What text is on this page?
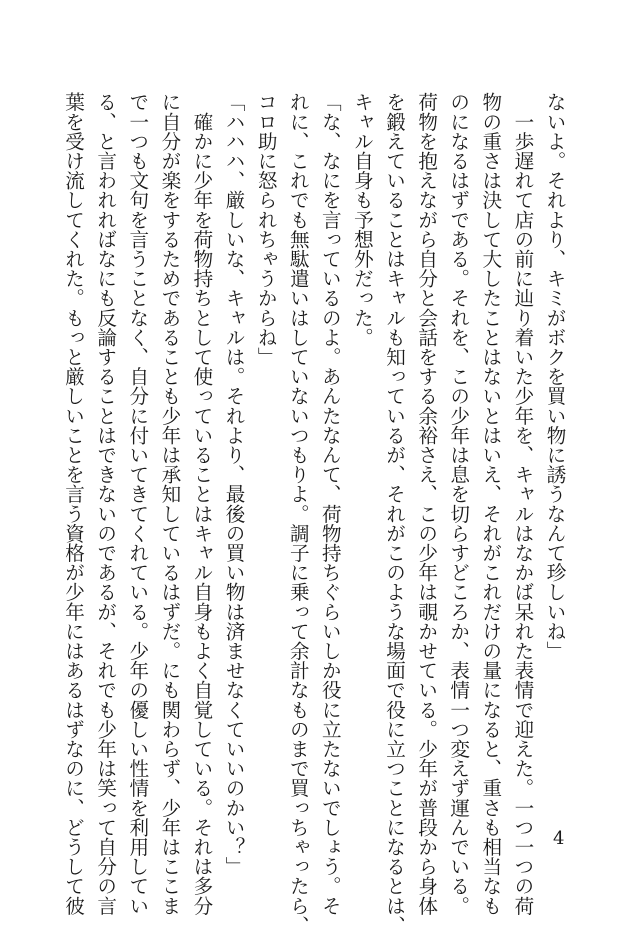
ないよ。それより、キミがボクを買い物に誘うなんて珍しいね」

　一歩遅れて店の前に辿り着いた少年を、キャルはなかば呆れた表情で迎えた。一つ一つの荷

物の重さは決して大したことはないとはいえ、それがこれだけの量になると、重さも相当なも

のになるはずである。それを、この少年は息を切らすどころか、表情一つ変えず運んでいる。

荷物を抱えながら自分と会話をする余裕さえ、この少年は覗かせている。少年が普段から身体

を鍛えていることはキャルも知っているが、それがこのような場面で役に立つことになるとは、

キャル自身も予想外だった。

「な、なにを言っているのよ。あんたなんて、荷物持ちぐらいしか役に立たないでしょう。そ

れに、これでも無駄遣いはしていないつもりよ。調子に乗って余計なものまで買っちゃったら、

コロ助に怒られちゃうからね」

「ハハハ、厳しいな、キャルは。それより、最後の買い物は済ませなくていいのかい？」

　確かに少年を荷物持ちとして使っていることはキャル自身もよく自覚している。それは多分

に自分が楽をするためであることも少年は承知しているはずだ。にも関わらず、少年はここま

で一つも文句を言うことなく、自分に付いてきてくれている。少年の優しい性情を利用してい

る、と言われればなにも反論することはできないのであるが、それでも少年は笑って自分の言

葉を受け流してくれた。もっと厳しいことを言う資格が少年にはあるはずなのに、どうして彼	4
